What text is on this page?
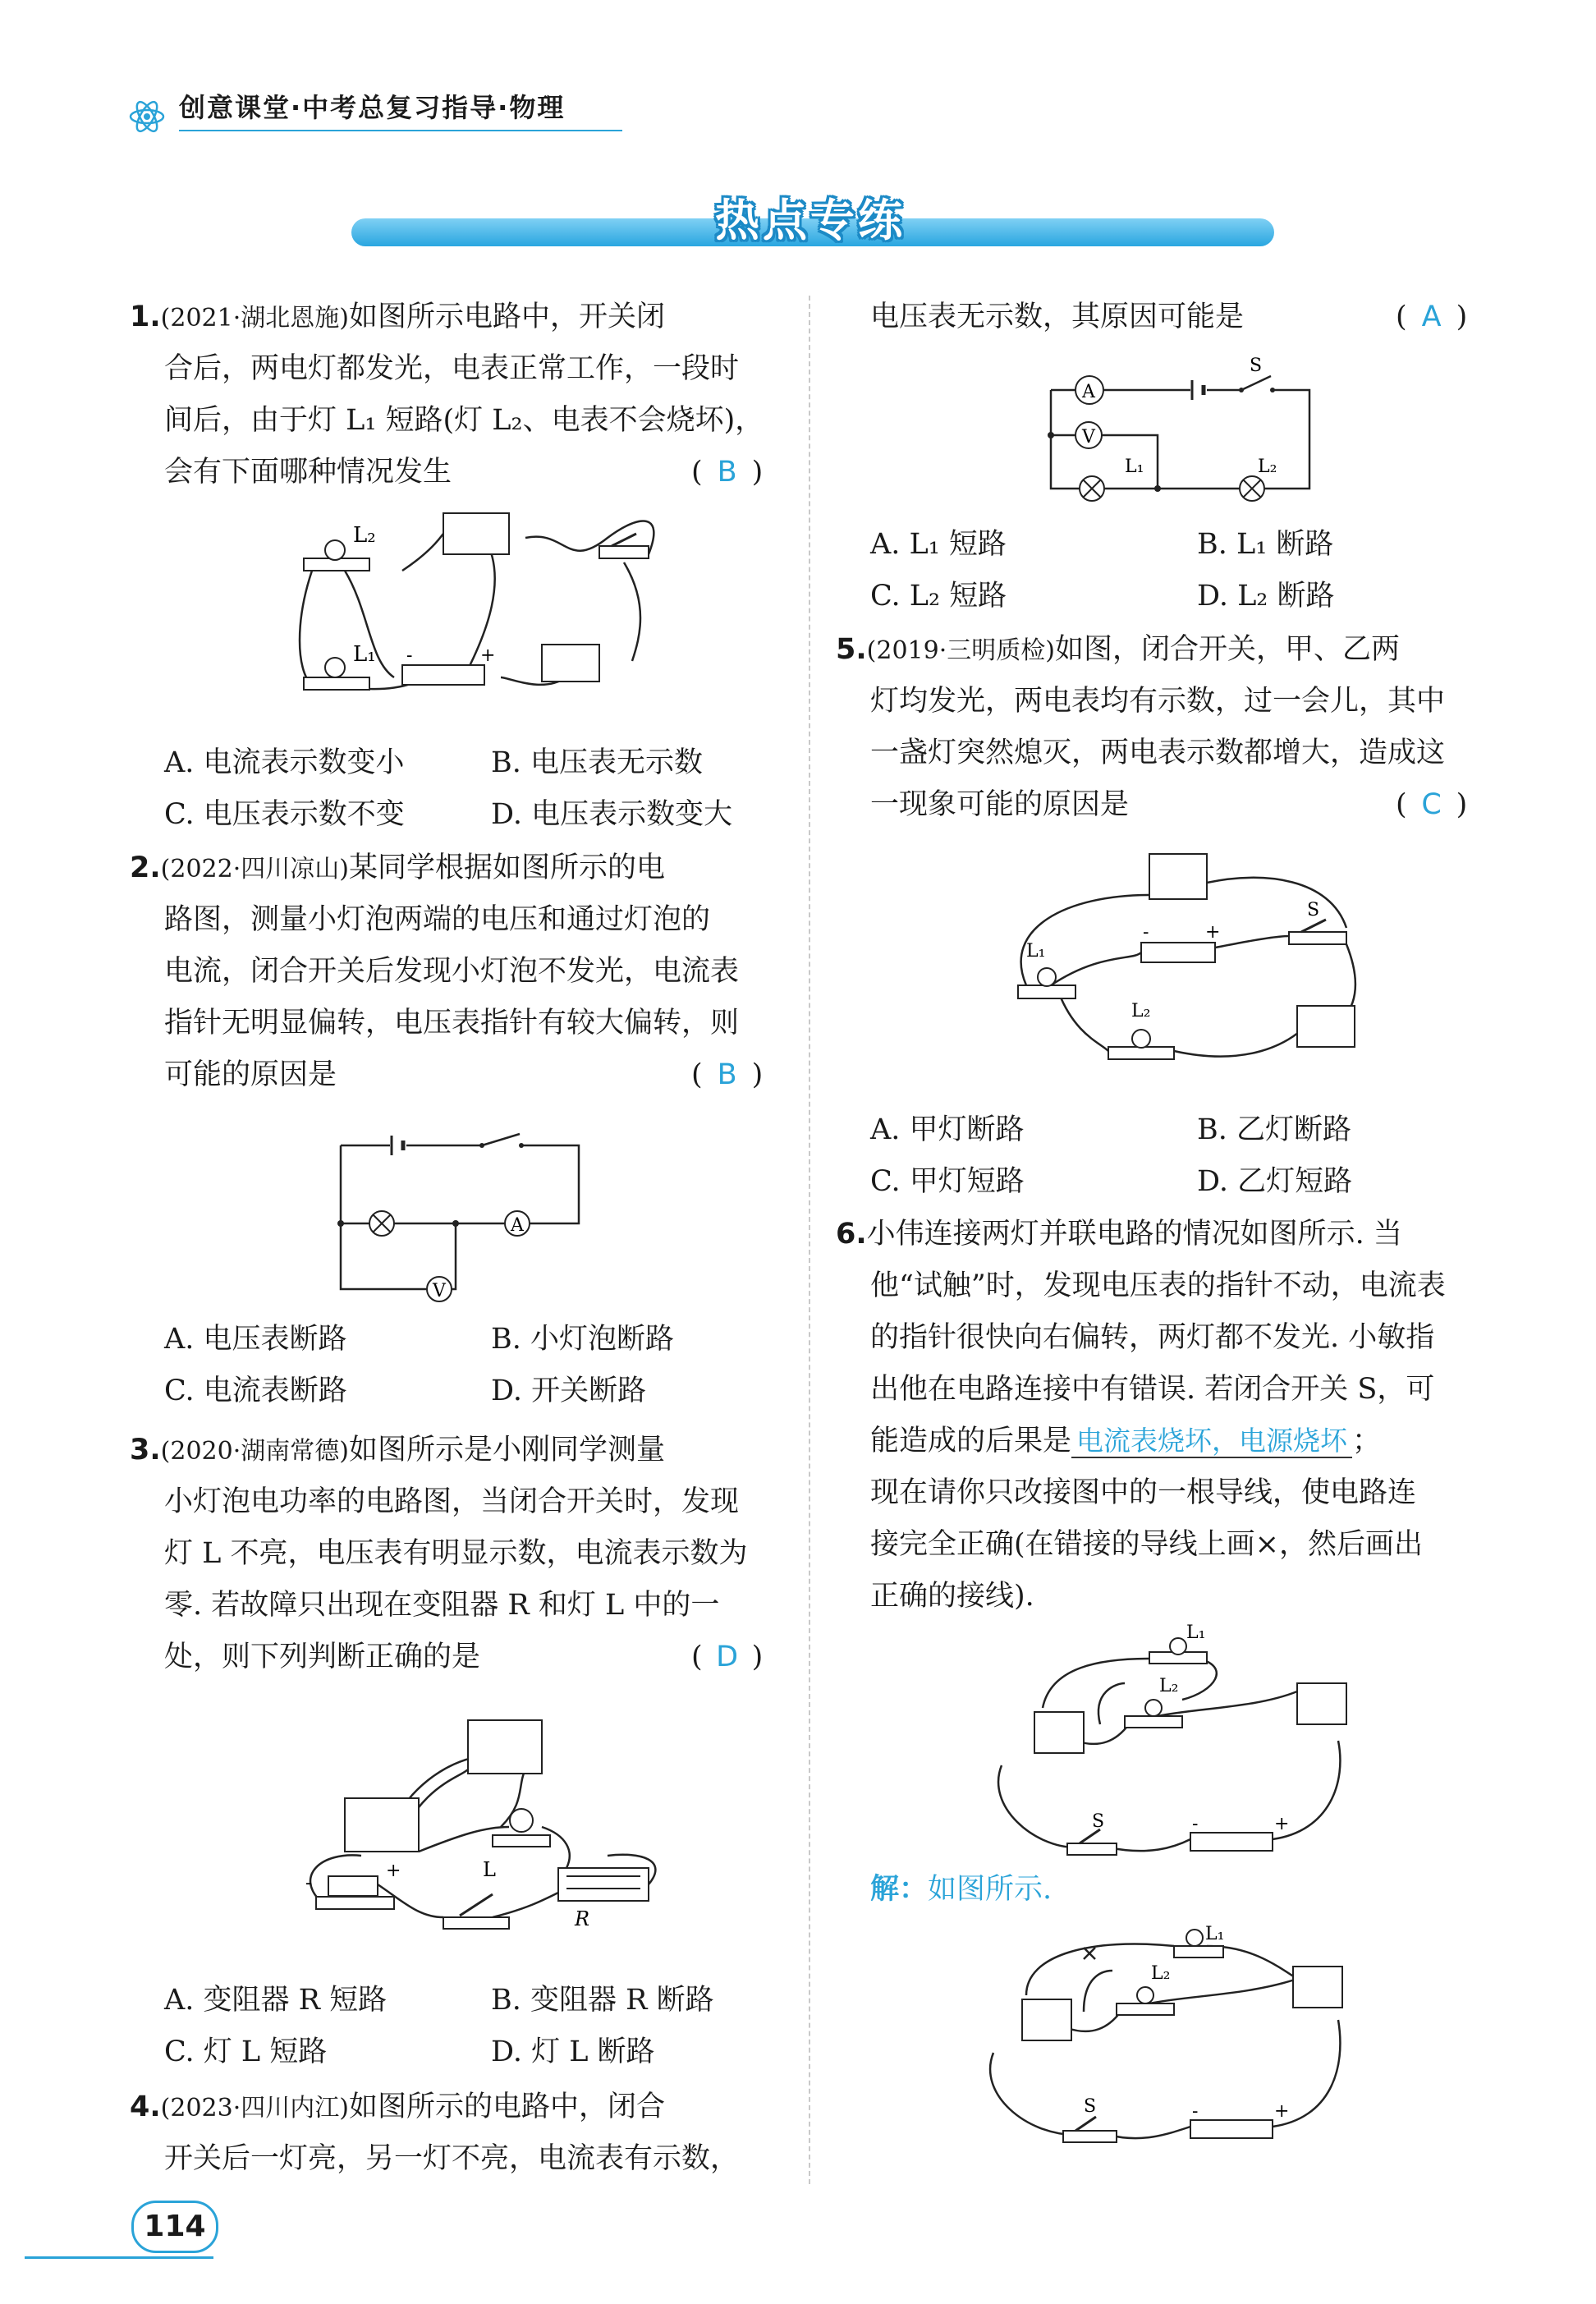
创意课堂·中考总复习指导·物理
热点专练
1.(2021·湖北恩施)如图所示电路中，开关闭
合后，两电灯都发光，电表正常工作，一段时
间后，由于灯 L₁ 短路(灯 L₂、电表不会烧坏)，
会有下面哪种情况发生	( B )
L₂
L₁ -	+
A. 电流表示数变小	B. 电压表无示数
C. 电压表示数不变	D. 电压表示数变大
2.(2022·四川凉山)某同学根据如图所示的电
路图，测量小灯泡两端的电压和通过灯泡的
电流，闭合开关后发现小灯泡不发光，电流表
指针无明显偏转，电压表指针有较大偏转，则
可能的原因是	( B )
A
V
A. 电压表断路	B. 小灯泡断路
C. 电流表断路	D. 开关断路
3.(2020·湖南常德)如图所示是小刚同学测量
小灯泡电功率的电路图，当闭合开关时，发现
灯 L 不亮，电压表有明显示数，电流表示数为
零. 若故障只出现在变阻器 R 和灯 L 中的一
处，则下列判断正确的是	( D )
L
R
-
+
A. 变阻器 R 短路	B. 变阻器 R 断路
C. 灯 L 短路	D. 灯 L 断路
4.(2023·四川内江)如图所示的电路中，闭合
开关后一灯亮，另一灯不亮，电流表有示数，
电压表无示数，其原因可能是	( A )
A
S
V
L₁	L₂
A. L₁ 短路	B. L₁ 断路
C. L₂ 短路	D. L₂ 断路
5.(2019·三明质检)如图，闭合开关，甲、乙两
灯均发光，两电表均有示数，过一会儿，其中
一盏灯突然熄灭，两电表示数都增大，造成这
一现象可能的原因是	( C )
L₁
L₂
S
-	+
A. 甲灯断路	B. 乙灯断路
C. 甲灯短路	D. 乙灯短路
6.小伟连接两灯并联电路的情况如图所示. 当
他“试触”时，发现电压表的指针不动，电流表
的指针很快向右偏转，两灯都不发光. 小敏指
出他在电路连接中有错误. 若闭合开关 S，可
能造成的后果是 电流表烧坏，电源烧坏 ；
现在请你只改接图中的一根导线，使电路连
接完全正确(在错接的导线上画×，然后画出
正确的接线).
L₁
L₂
S	-	+
解：如图所示.
L₁
L₂
S	-	+
114
